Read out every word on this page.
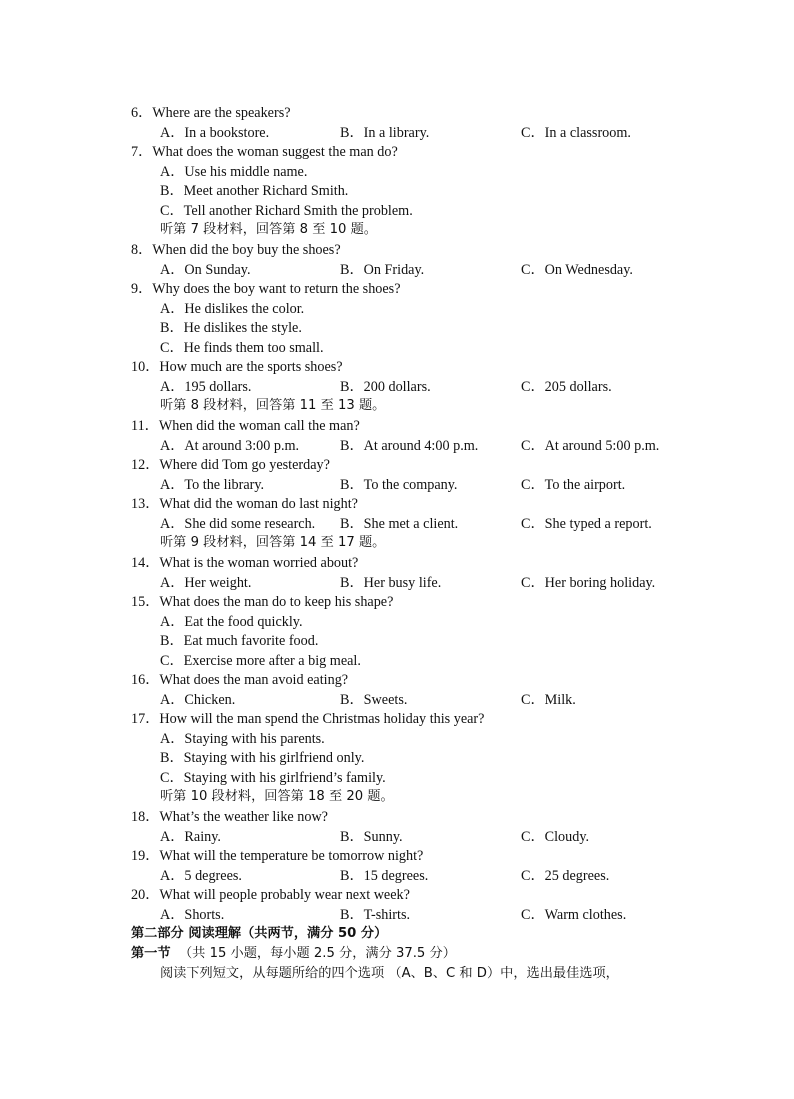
6．Where are the speakers?
A．In a bookstore.	B．In a library.	C．In a classroom.
7．What does the woman suggest the man do?
A．Use his middle name.
B．Meet another Richard Smith.
C．Tell another Richard Smith the problem.
听第 7 段材料，回答第 8 至 10 题。
8．When did the boy buy the shoes?
A．On Sunday.	B．On Friday.	C．On Wednesday.
9．Why does the boy want to return the shoes?
A．He dislikes the color.
B．He dislikes the style.
C．He finds them too small.
10．How much are the sports shoes?
A．195 dollars.	B．200 dollars.	C．205 dollars.
听第 8 段材料，回答第 11 至 13 题。
11．When did the woman call the man?
A．At around 3:00 p.m.	B．At around 4:00 p.m.	C．At around 5:00 p.m.
12．Where did Tom go yesterday?
A．To the library.	B．To the company.	C．To the airport.
13．What did the woman do last night?
A．She did some research. B．She met a client.	C．She typed a report.
听第 9 段材料，回答第 14 至 17 题。
14．What is the woman worried about?
A．Her weight.	B．Her busy life.	C．Her boring holiday.
15．What does the man do to keep his shape?
A．Eat the food quickly.
B．Eat much favorite food.
C．Exercise more after a big meal.
16．What does the man avoid eating?
A．Chicken.	B．Sweets.	C．Milk.
17．How will the man spend the Christmas holiday this year?
A．Staying with his parents.
B．Staying with his girlfriend only.
C．Staying with his girlfriend’s family.
听第 10 段材料，回答第 18 至 20 题。
18．What’s the weather like now?
A．Rainy.	B．Sunny.	C．Cloudy.
19．What will the temperature be tomorrow night?
A．5 degrees.	B．15 degrees.	C．25 degrees.
20．What will people probably wear next week?
A．Shorts.	B．T-shirts.	C．Warm clothes.
第二部分 阅读理解（共两节，满分 50 分）
第一节 （共 15 小题，每小题 2.5 分，满分 37.5 分）
阅读下列短文，从每题所给的四个选项 （A、B、C 和 D）中，选出最佳选项，
